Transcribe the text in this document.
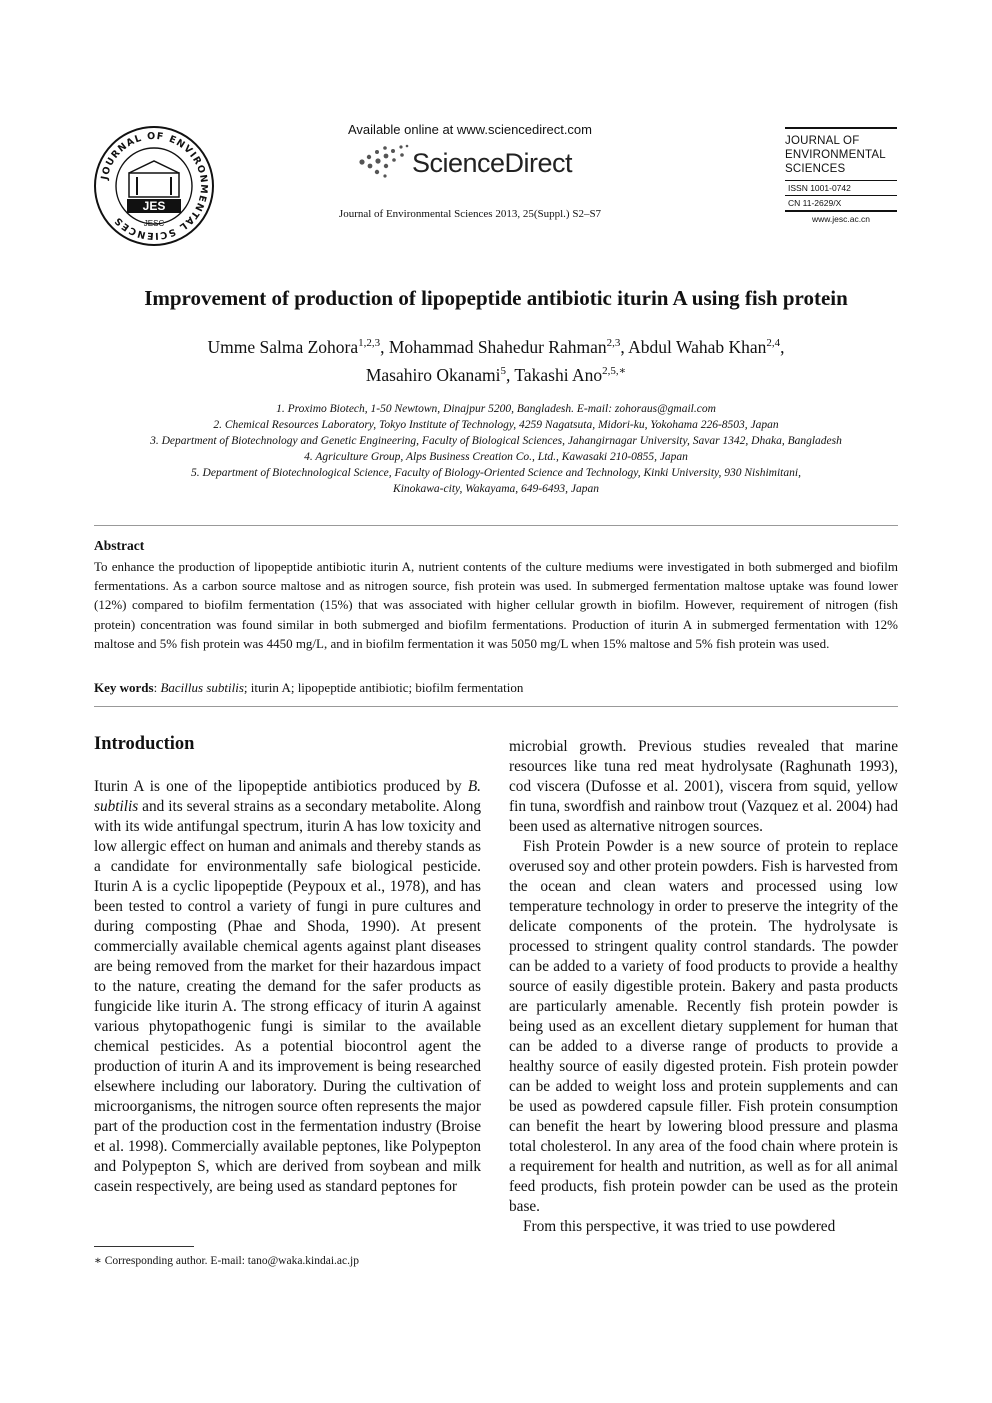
JOURNAL OF ENVIRONMENTAL SCIENCES
JES
JESC
Available online at www.sciencedirect.com
ScienceDirect
Journal of Environmental Sciences 2013, 25(Suppl.) S2–S7
JOURNAL OF
ENVIRONMENTAL
SCIENCES
ISSN 1001-0742
CN 11-2629/X
www.jesc.ac.cn
Improvement of production of lipopeptide antibiotic iturin A using fish protein
Umme Salma Zohora$^{1,2,3}$, Mohammad Shahedur Rahman$^{2,3}$, Abdul Wahab Khan$^{2,4}$,
Masahiro Okanami$^5$, Takashi Ano$^{2,5,∗}$
1. Proximo Biotech, 1-50 Newtown, Dinajpur 5200, Bangladesh. E-mail: zohoraus@gmail.com
2. Chemical Resources Laboratory, Tokyo Institute of Technology, 4259 Nagatsuta, Midori-ku, Yokohama 226-8503, Japan
3. Department of Biotechnology and Genetic Engineering, Faculty of Biological Sciences, Jahangirnagar University, Savar 1342, Dhaka, Bangladesh
4. Agriculture Group, Alps Business Creation Co., Ltd., Kawasaki 210-0855, Japan
5. Department of Biotechnological Science, Faculty of Biology-Oriented Science and Technology, Kinki University, 930 Nishimitani,
Kinokawa-city, Wakayama, 649-6493, Japan
Abstract
To enhance the production of lipopeptide antibiotic iturin A, nutrient contents of the culture mediums were investigated in both submerged and biofilm fermentations. As a carbon source maltose and as nitrogen source, fish protein was used. In submerged fermentation maltose uptake was found lower (12%) compared to biofilm fermentation (15%) that was associated with higher cellular growth in biofilm. However, requirement of nitrogen (fish protein) concentration was found similar in both submerged and biofilm fermentations. Production of iturin A in submerged fermentation with 12% maltose and 5% fish protein was 4450 mg/L, and in biofilm fermentation it was 5050 mg/L when 15% maltose and 5% fish protein was used.
Key words: Bacillus subtilis; iturin A; lipopeptide antibiotic; biofilm fermentation
Introduction

Iturin A is one of the lipopeptide antibiotics produced by B. subtilis and its several strains as a secondary metabolite. Along with its wide antifungal spectrum, iturin A has low toxicity and low allergic effect on human and animals and thereby stands as a candidate for environmentally safe biological pesticide. Iturin A is a cyclic lipopeptide (Peypoux et al., 1978), and has been tested to control a variety of fungi in pure cultures and during composting (Phae and Shoda, 1990). At present commercially available chemical agents against plant diseases are being removed from the market for their hazardous impact to the nature, creating the demand for the safer products as fungicide like iturin A. The strong efficacy of iturin A against various phytopathogenic fungi is similar to the available chemical pesticides. As a potential biocontrol agent the production of iturin A and its improvement is being researched elsewhere including our laboratory. During the cultivation of microorganisms, the nitrogen source often represents the major part of the production cost in the fermentation industry (Broise et al. 1998). Commercially available peptones, like Polypepton and Polypepton S, which are derived from soybean and milk casein respectively, are being used as standard peptones for

microbial growth. Previous studies revealed that marine resources like tuna red meat hydrolysate (Raghunath 1993), cod viscera (Dufosse et al. 2001), viscera from squid, yellow fin tuna, swordfish and rainbow trout (Vazquez et al. 2004) had been used as alternative nitrogen sources.

Fish Protein Powder is a new source of protein to replace overused soy and other protein powders. Fish is harvested from the ocean and clean waters and processed using low temperature technology in order to preserve the integrity of the delicate components of the protein. The hydrolysate is processed to stringent quality control standards. The powder can be added to a variety of food products to provide a healthy source of easily digestible protein. Bakery and pasta products are particularly amenable. Recently fish protein powder is being used as an excellent dietary supplement for human that can be added to a diverse range of products to provide a healthy source of easily digested protein. Fish protein powder can be added to weight loss and protein supplements and can be used as powdered capsule filler. Fish protein consumption can benefit the heart by lowering blood pressure and plasma total cholesterol. In any area of the food chain where protein is a requirement for health and nutrition, as well as for all animal feed products, fish protein powder can be used as the protein base.

From this perspective, it was tried to use powdered

∗ Corresponding author. E-mail: tano@waka.kindai.ac.jp
